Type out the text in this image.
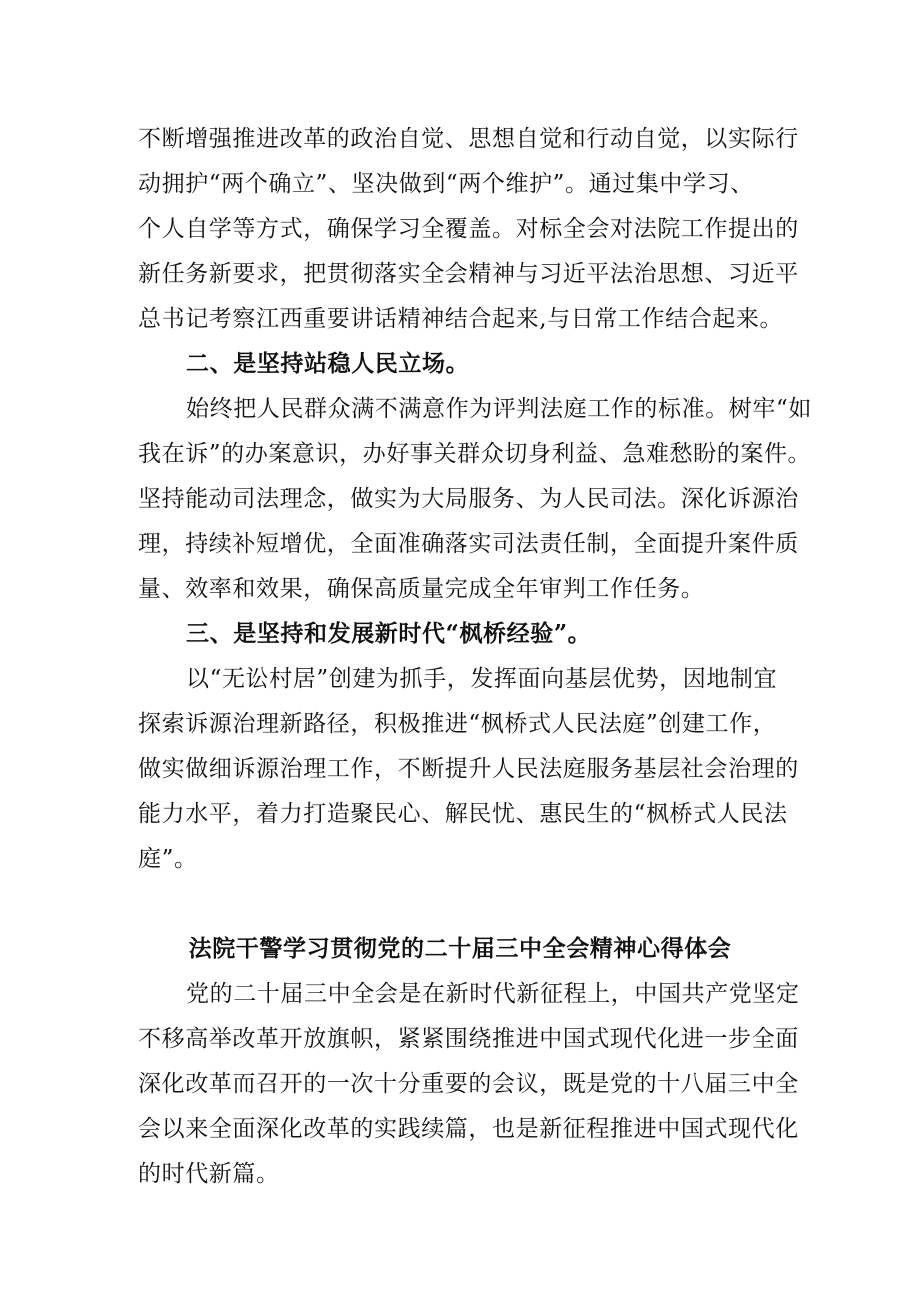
不断增强推进改革的政治自觉、思想自觉和行动自觉，以实际行
动拥护“两个确立”、坚决做到“两个维护”。通过集中学习、
个人自学等方式，确保学习全覆盖。对标全会对法院工作提出的
新任务新要求，把贯彻落实全会精神与习近平法治思想、习近平
总书记考察江西重要讲话精神结合起来,与日常工作结合起来。
二、是坚持站稳人民立场。
始终把人民群众满不满意作为评判法庭工作的标准。树牢“如
我在诉”的办案意识，办好事关群众切身利益、急难愁盼的案件。
坚持能动司法理念，做实为大局服务、为人民司法。深化诉源治
理，持续补短增优，全面准确落实司法责任制，全面提升案件质
量、效率和效果，确保高质量完成全年审判工作任务。
三、是坚持和发展新时代“枫桥经验”。
以“无讼村居”创建为抓手，发挥面向基层优势，因地制宜
探索诉源治理新路径，积极推进“枫桥式人民法庭”创建工作，
做实做细诉源治理工作，不断提升人民法庭服务基层社会治理的
能力水平，着力打造聚民心、解民忧、惠民生的“枫桥式人民法
庭”。
法院干警学习贯彻党的二十届三中全会精神心得体会
党的二十届三中全会是在新时代新征程上，中国共产党坚定
不移高举改革开放旗帜，紧紧围绕推进中国式现代化进一步全面
深化改革而召开的一次十分重要的会议，既是党的十八届三中全
会以来全面深化改革的实践续篇，也是新征程推进中国式现代化
的时代新篇。
